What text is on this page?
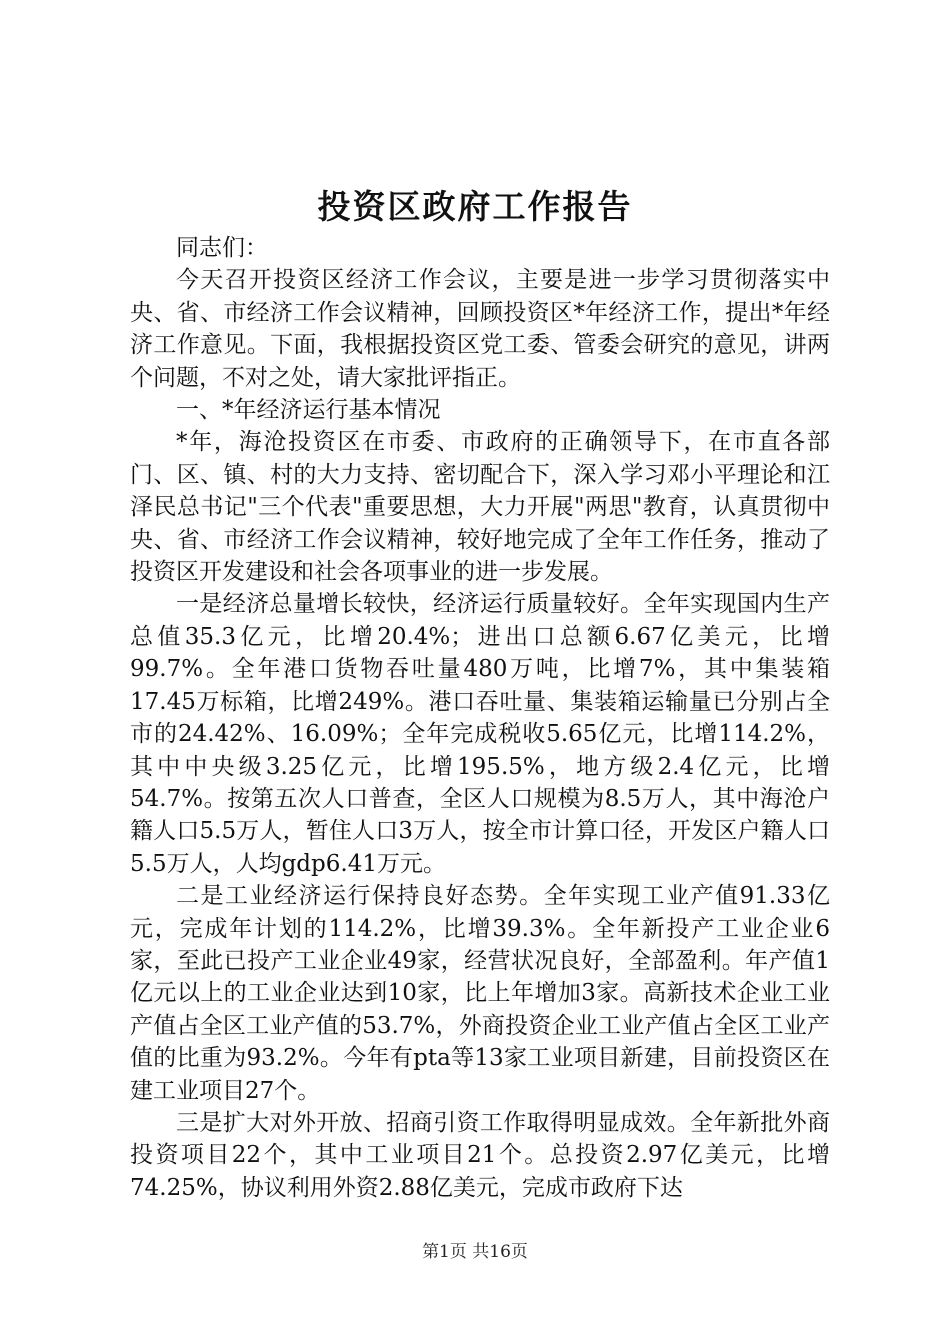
投资区政府工作报告

同志们：

今天召开投资区经济工作会议，主要是进一步学习贯彻落实中央、省、市经济工作会议精神，回顾投资区*年经济工作，提出*年经济工作意见。下面，我根据投资区党工委、管委会研究的意见，讲两个问题，不对之处，请大家批评指正。

一、*年经济运行基本情况

*年，海沧投资区在市委、市政府的正确领导下，在市直各部门、区、镇、村的大力支持、密切配合下，深入学习邓小平理论和江泽民总书记"三个代表"重要思想，大力开展"两思"教育，认真贯彻中央、省、市经济工作会议精神，较好地完成了全年工作任务，推动了投资区开发建设和社会各项事业的进一步发展。

一是经济总量增长较快，经济运行质量较好。全年实现国内生产总值35.3亿元，比增20.4%；进出口总额6.67亿美元，比增99.7%。全年港口货物吞吐量480万吨，比增7%，其中集装箱17.45万标箱，比增249%。港口吞吐量、集装箱运输量已分别占全市的24.42%、16.09%；全年完成税收5.65亿元，比增114.2%，其中中央级3.25亿元，比增195.5%，地方级2.4亿元，比增54.7%。按第五次人口普查，全区人口规模为8.5万人，其中海沧户籍人口5.5万人，暂住人口3万人，按全市计算口径，开发区户籍人口5.5万人，人均gdp6.41万元。

二是工业经济运行保持良好态势。全年实现工业产值91.33亿元，完成年计划的114.2%，比增39.3%。全年新投产工业企业6家，至此已投产工业企业49家，经营状况良好，全部盈利。年产值1亿元以上的工业企业达到10家，比上年增加3家。高新技术企业工业产值占全区工业产值的53.7%，外商投资企业工业产值占全区工业产值的比重为93.2%。今年有pta等13家工业项目新建，目前投资区在建工业项目27个。

三是扩大对外开放、招商引资工作取得明显成效。全年新批外商投资项目22个，其中工业项目21个。总投资2.97亿美元，比增74.25%，协议利用外资2.88亿美元，完成市政府下达

第1页 共16页
